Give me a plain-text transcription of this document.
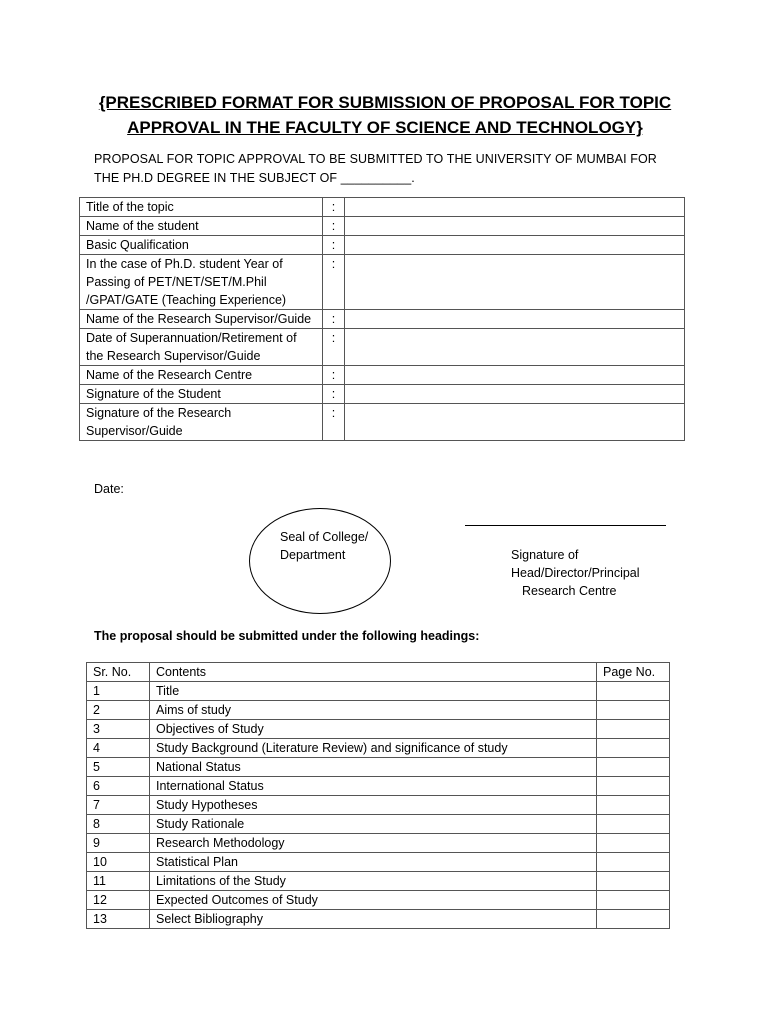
{PRESCRIBED FORMAT FOR SUBMISSION OF PROPOSAL FOR TOPIC
APPROVAL IN THE FACULTY OF SCIENCE AND TECHNOLOGY}
PROPOSAL FOR TOPIC APPROVAL TO BE SUBMITTED TO THE UNIVERSITY OF MUMBAI FOR
THE PH.D DEGREE IN THE SUBJECT OF __________.
Title of the topic	:	
Name of the student	:	
Basic Qualification	:	
In the case of Ph.D. student Year of Passing of PET/NET/SET/M.Phil /GPAT/GATE (Teaching Experience)	:	
Name of the Research Supervisor/Guide	:	
Date of Superannuation/Retirement of the Research Supervisor/Guide	:	
Name of the Research Centre	:	
Signature of the Student	:	
Signature of the Research Supervisor/Guide	:	
Date:
Seal of College/ Department	Signature of
Head/Director/Principal
Research Centre
The proposal should be submitted under the following headings:
Sr. No.	Contents	Page No.
1	Title	
2	Aims of study	
3	Objectives of Study	
4	Study Background (Literature Review) and significance of study	
5	National Status	
6	International Status	
7	Study Hypotheses	
8	Study Rationale	
9	Research Methodology	
10	Statistical Plan	
11	Limitations of the Study	
12	Expected Outcomes of Study	
13	Select Bibliography	
